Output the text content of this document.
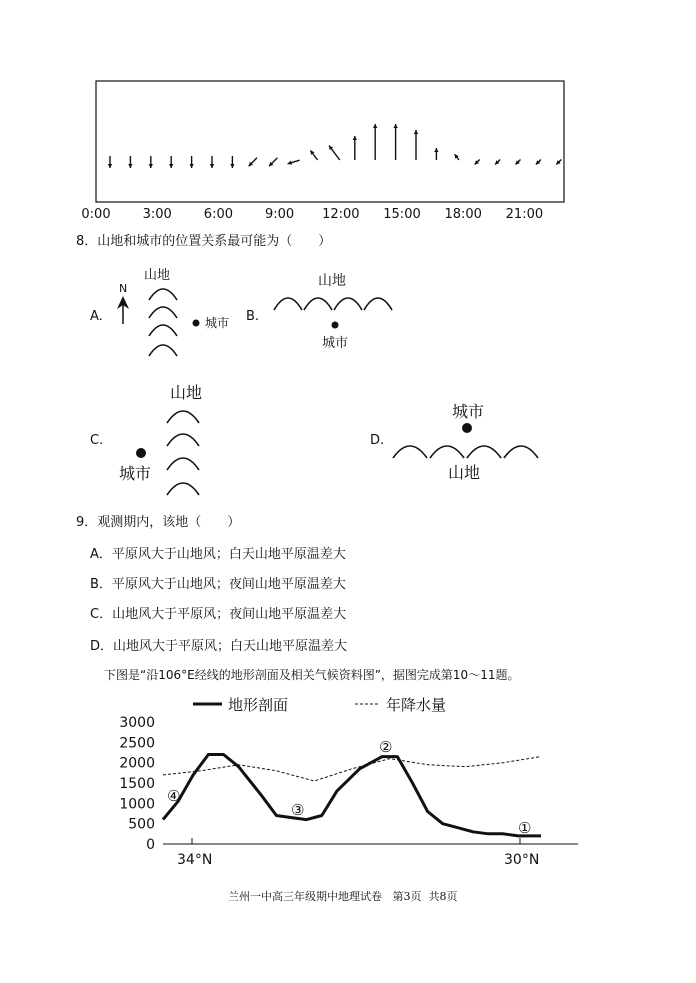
0:00 3:00 6:00 9:00 12:00 15:00 18:00 21:00
8．山地和城市的位置关系最可能为（　　）
A.
N
山地
城市 B.
山地
城市
C.
山地
城市
D.
城市
山地
9．观测期内，该地（　　）
A．平原风大于山地风；白天山地平原温差大
B．平原风大于山地风；夜间山地平原温差大
C．山地风大于平原风；夜间山地平原温差大
D．山地风大于平原风；白天山地平原温差大
下图是“沿106°E经线的地形剖面及相关气候资料图”，据图完成第10～11题。
地形剖面	年降水量
3000
2500
2000
1500
1000
500
0
34°N	30°N
①
②
③
④
兰州一中高三年级期中地理试卷   第3页  共8页
